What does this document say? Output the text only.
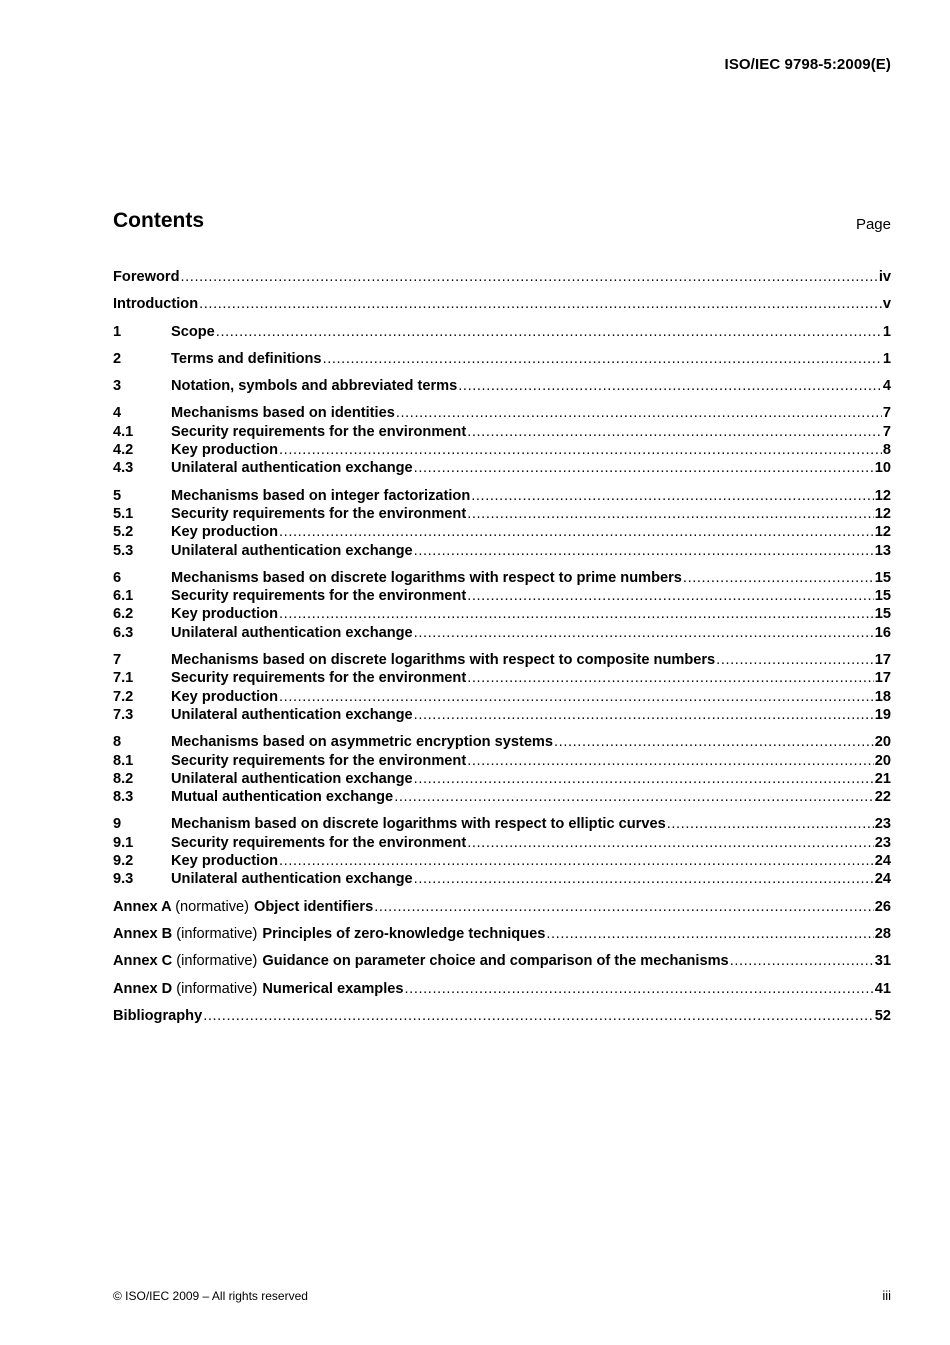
ISO/IEC 9798-5:2009(E)
Contents	Page
Foreword .....	iv
Introduction .....	v
1	Scope .....	1
2	Terms and definitions .....	1
3	Notation, symbols and abbreviated terms .....	4
4	Mechanisms based on identities .....	7
4.1	Security requirements for the environment .....	7
4.2	Key production .....	8
4.3	Unilateral authentication exchange .....	10
5	Mechanisms based on integer factorization .....	12
5.1	Security requirements for the environment .....	12
5.2	Key production .....	12
5.3	Unilateral authentication exchange .....	13
6	Mechanisms based on discrete logarithms with respect to prime numbers .....	15
6.1	Security requirements for the environment .....	15
6.2	Key production .....	15
6.3	Unilateral authentication exchange .....	16
7	Mechanisms based on discrete logarithms with respect to composite numbers .....	17
7.1	Security requirements for the environment .....	17
7.2	Key production .....	18
7.3	Unilateral authentication exchange .....	19
8	Mechanisms based on asymmetric encryption systems .....	20
8.1	Security requirements for the environment .....	20
8.2	Unilateral authentication exchange .....	21
8.3	Mutual authentication exchange .....	22
9	Mechanism based on discrete logarithms with respect to elliptic curves .....	23
9.1	Security requirements for the environment .....	23
9.2	Key production .....	24
9.3	Unilateral authentication exchange .....	24
Annex A (normative) Object identifiers .....	26
Annex B (informative) Principles of zero-knowledge techniques .....	28
Annex C (informative) Guidance on parameter choice and comparison of the mechanisms .....	31
Annex D (informative) Numerical examples .....	41
Bibliography .....	52
© ISO/IEC 2009 – All rights reserved	iii
